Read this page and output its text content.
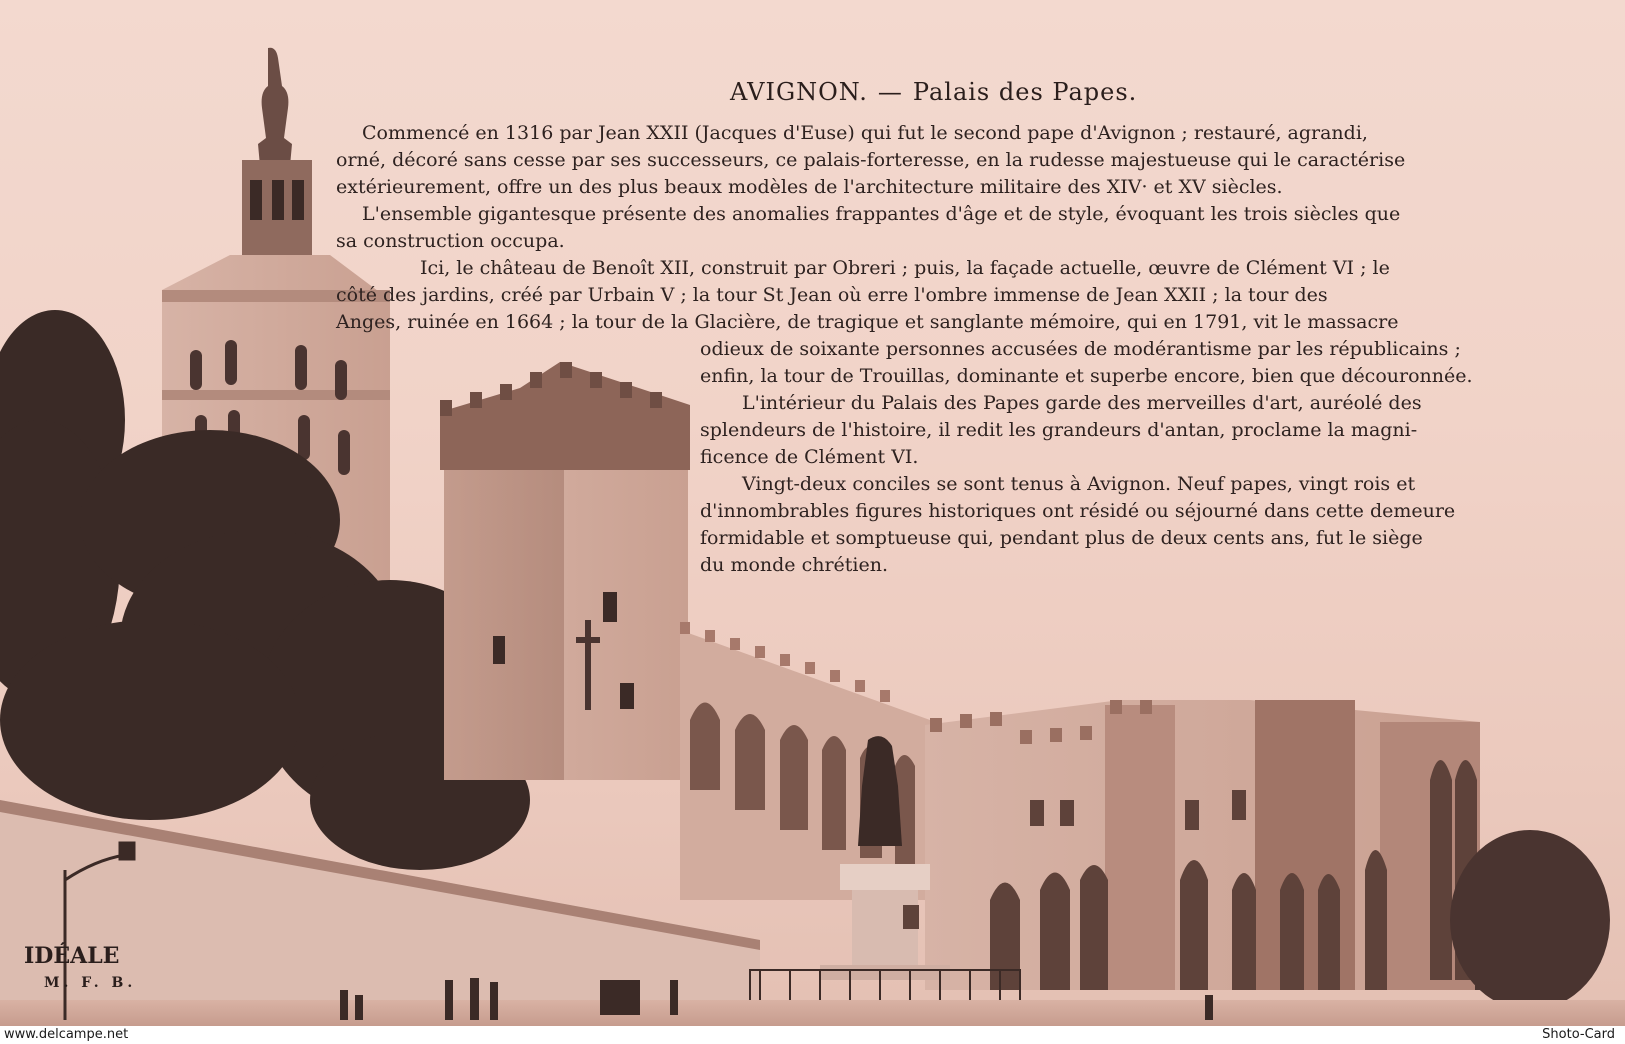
AVIGNON. — Palais des Papes.
Commencé en 1316 par Jean XXII (Jacques d'Euse) qui fut le second pape d'Avignon ; restauré, agrandi,
orné, décoré sans cesse par ses successeurs, ce palais-forteresse, en la rudesse majestueuse qui le caractérise
extérieurement, offre un des plus beaux modèles de l'architecture militaire des XIV· et XV siècles.
L'ensemble gigantesque présente des anomalies frappantes d'âge et de style, évoquant les trois siècles que
sa construction occupa.
Ici, le château de Benoît XII, construit par Obreri ; puis, la façade actuelle, œuvre de Clément VI ; le
côté des jardins, créé par Urbain V ; la tour St Jean où erre l'ombre immense de Jean XXII ; la tour des
Anges, ruinée en 1664 ; la tour de la Glacière, de tragique et sanglante mémoire, qui en 1791, vit le massacre
odieux de soixante personnes accusées de modérantisme par les républicains ;
enfin, la tour de Trouillas, dominante et superbe encore, bien que découronnée.
L'intérieur du Palais des Papes garde des merveilles d'art, auréolé des
splendeurs de l'histoire, il redit les grandeurs d'antan, proclame la magni-
ficence de Clément VI.
Vingt-deux conciles se sont tenus à Avignon. Neuf papes, vingt rois et
d'innombrables figures historiques ont résidé ou séjourné dans cette demeure
formidable et somptueuse qui, pendant plus de deux cents ans, fut le siège
du monde chrétien.
IDÉALE
M. F. B.
www.delcampe.net	Shoto-Card
